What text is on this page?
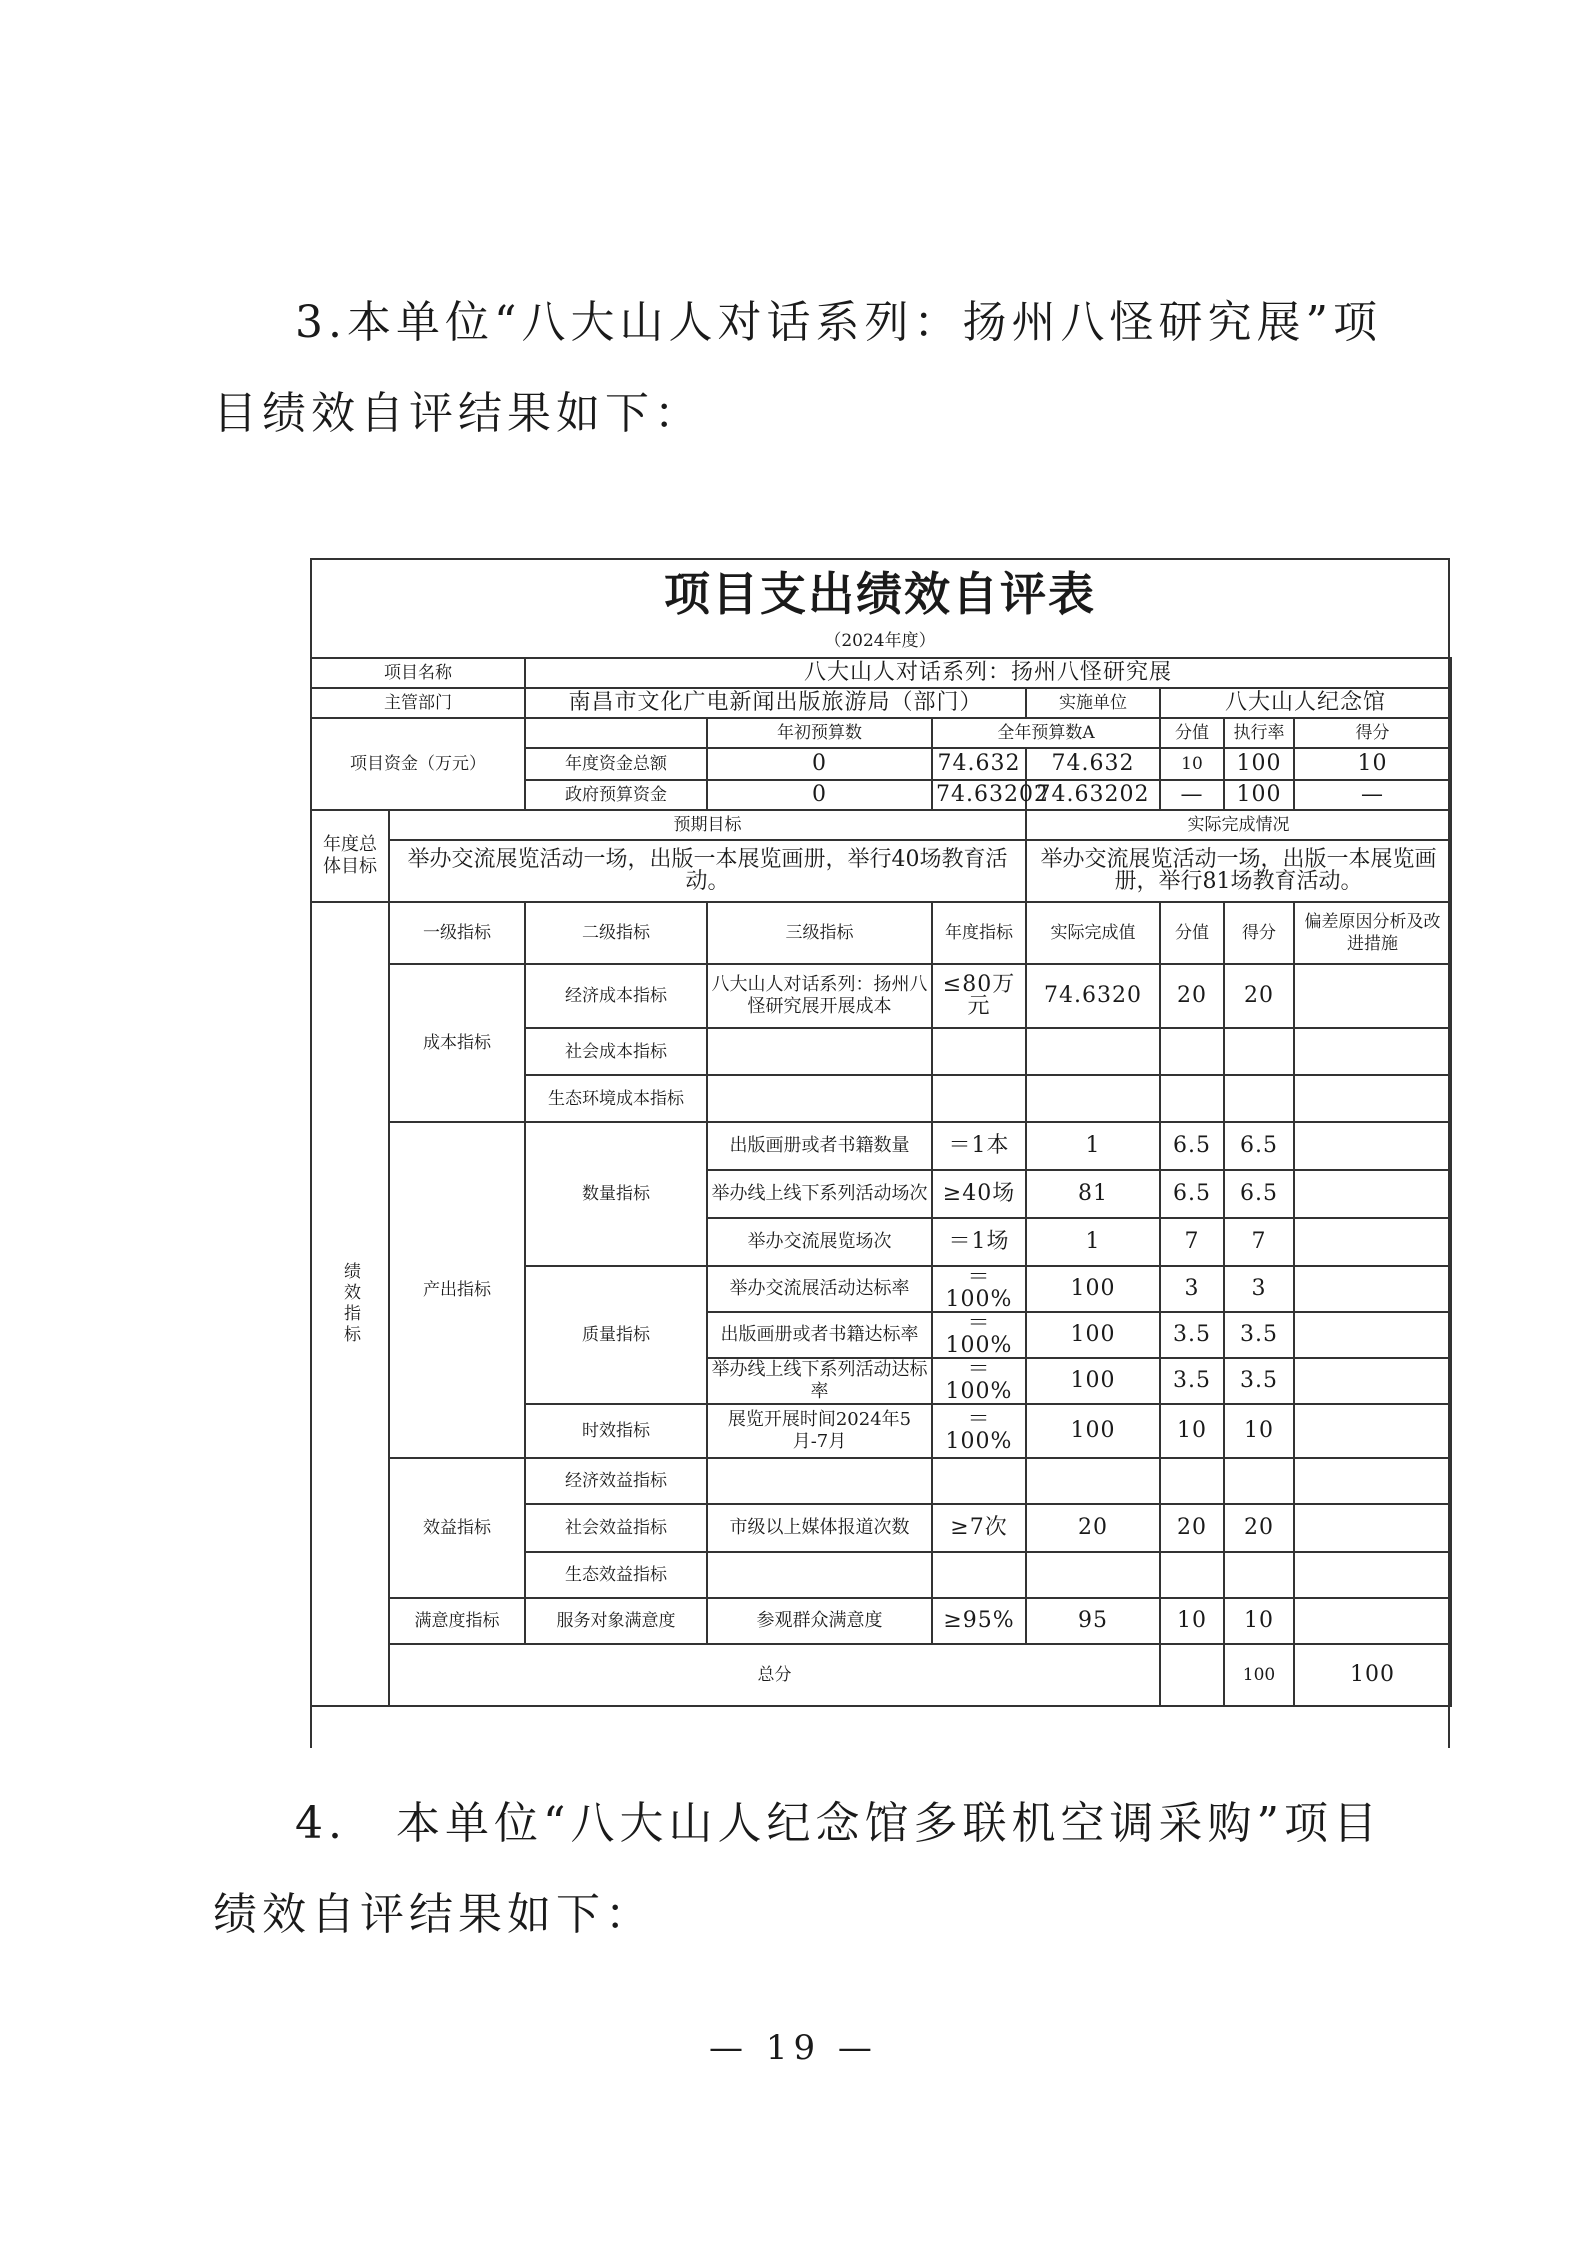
3.本单位“八大山人对话系列：扬州八怪研究展”项目绩效自评结果如下：

项目支出绩效自评表
（2024年度）
项目名称		八大山人对话系列：扬州八怪研究展							
主管部门		南昌市文化广电新闻出版旅游局（部门）			实施单位	八大山人纪念馆			
项目资金（万元）			年初预算数	全年预算数A		分值	执行率	得分	
		年度资金总额	0	74.632	74.632	10	100	10	
		政府预算资金	0	74.63202	74.63202	—	100	—	
年度总体目标	预期目标				实际完成情况				
	举办交流展览活动一场，出版一本展览画册，举行40场教育活动。				举办交流展览活动一场，出版一本展览画册，举行81场教育活动。				
绩效指标	一级指标	二级指标	三级指标	年度指标	实际完成值	分值	得分	偏差原因分析及改进措施	
	成本指标	经济成本指标	八大山人对话系列：扬州八怪研究展开展成本	≤80万元	74.6320	20	20		
		社会成本指标							
		生态环境成本指标							
	产出指标	数量指标	出版画册或者书籍数量	＝1本	1	6.5	6.5		
			举办线上线下系列活动场次	≥40场	81	6.5	6.5		
			举办交流展览场次	＝1场	1	7	7		
		质量指标	举办交流展活动达标率	＝100%	100	3	3		
			出版画册或者书籍达标率	＝100%	100	3.5	3.5		
			举办线上线下系列活动达标率	＝100%	100	3.5	3.5		
		时效指标	展览开展时间2024年5月-7月	＝100%	100	10	10		
	效益指标	经济效益指标							
		社会效益指标	市级以上媒体报道次数	≥7次	20	20	20		
		生态效益指标							
	满意度指标	服务对象满意度	参观群众满意度	≥95%	95	10	10		
	总分						100	100	

4.　本单位“八大山人纪念馆多联机空调采购”项目绩效自评结果如下：

— 19 —
